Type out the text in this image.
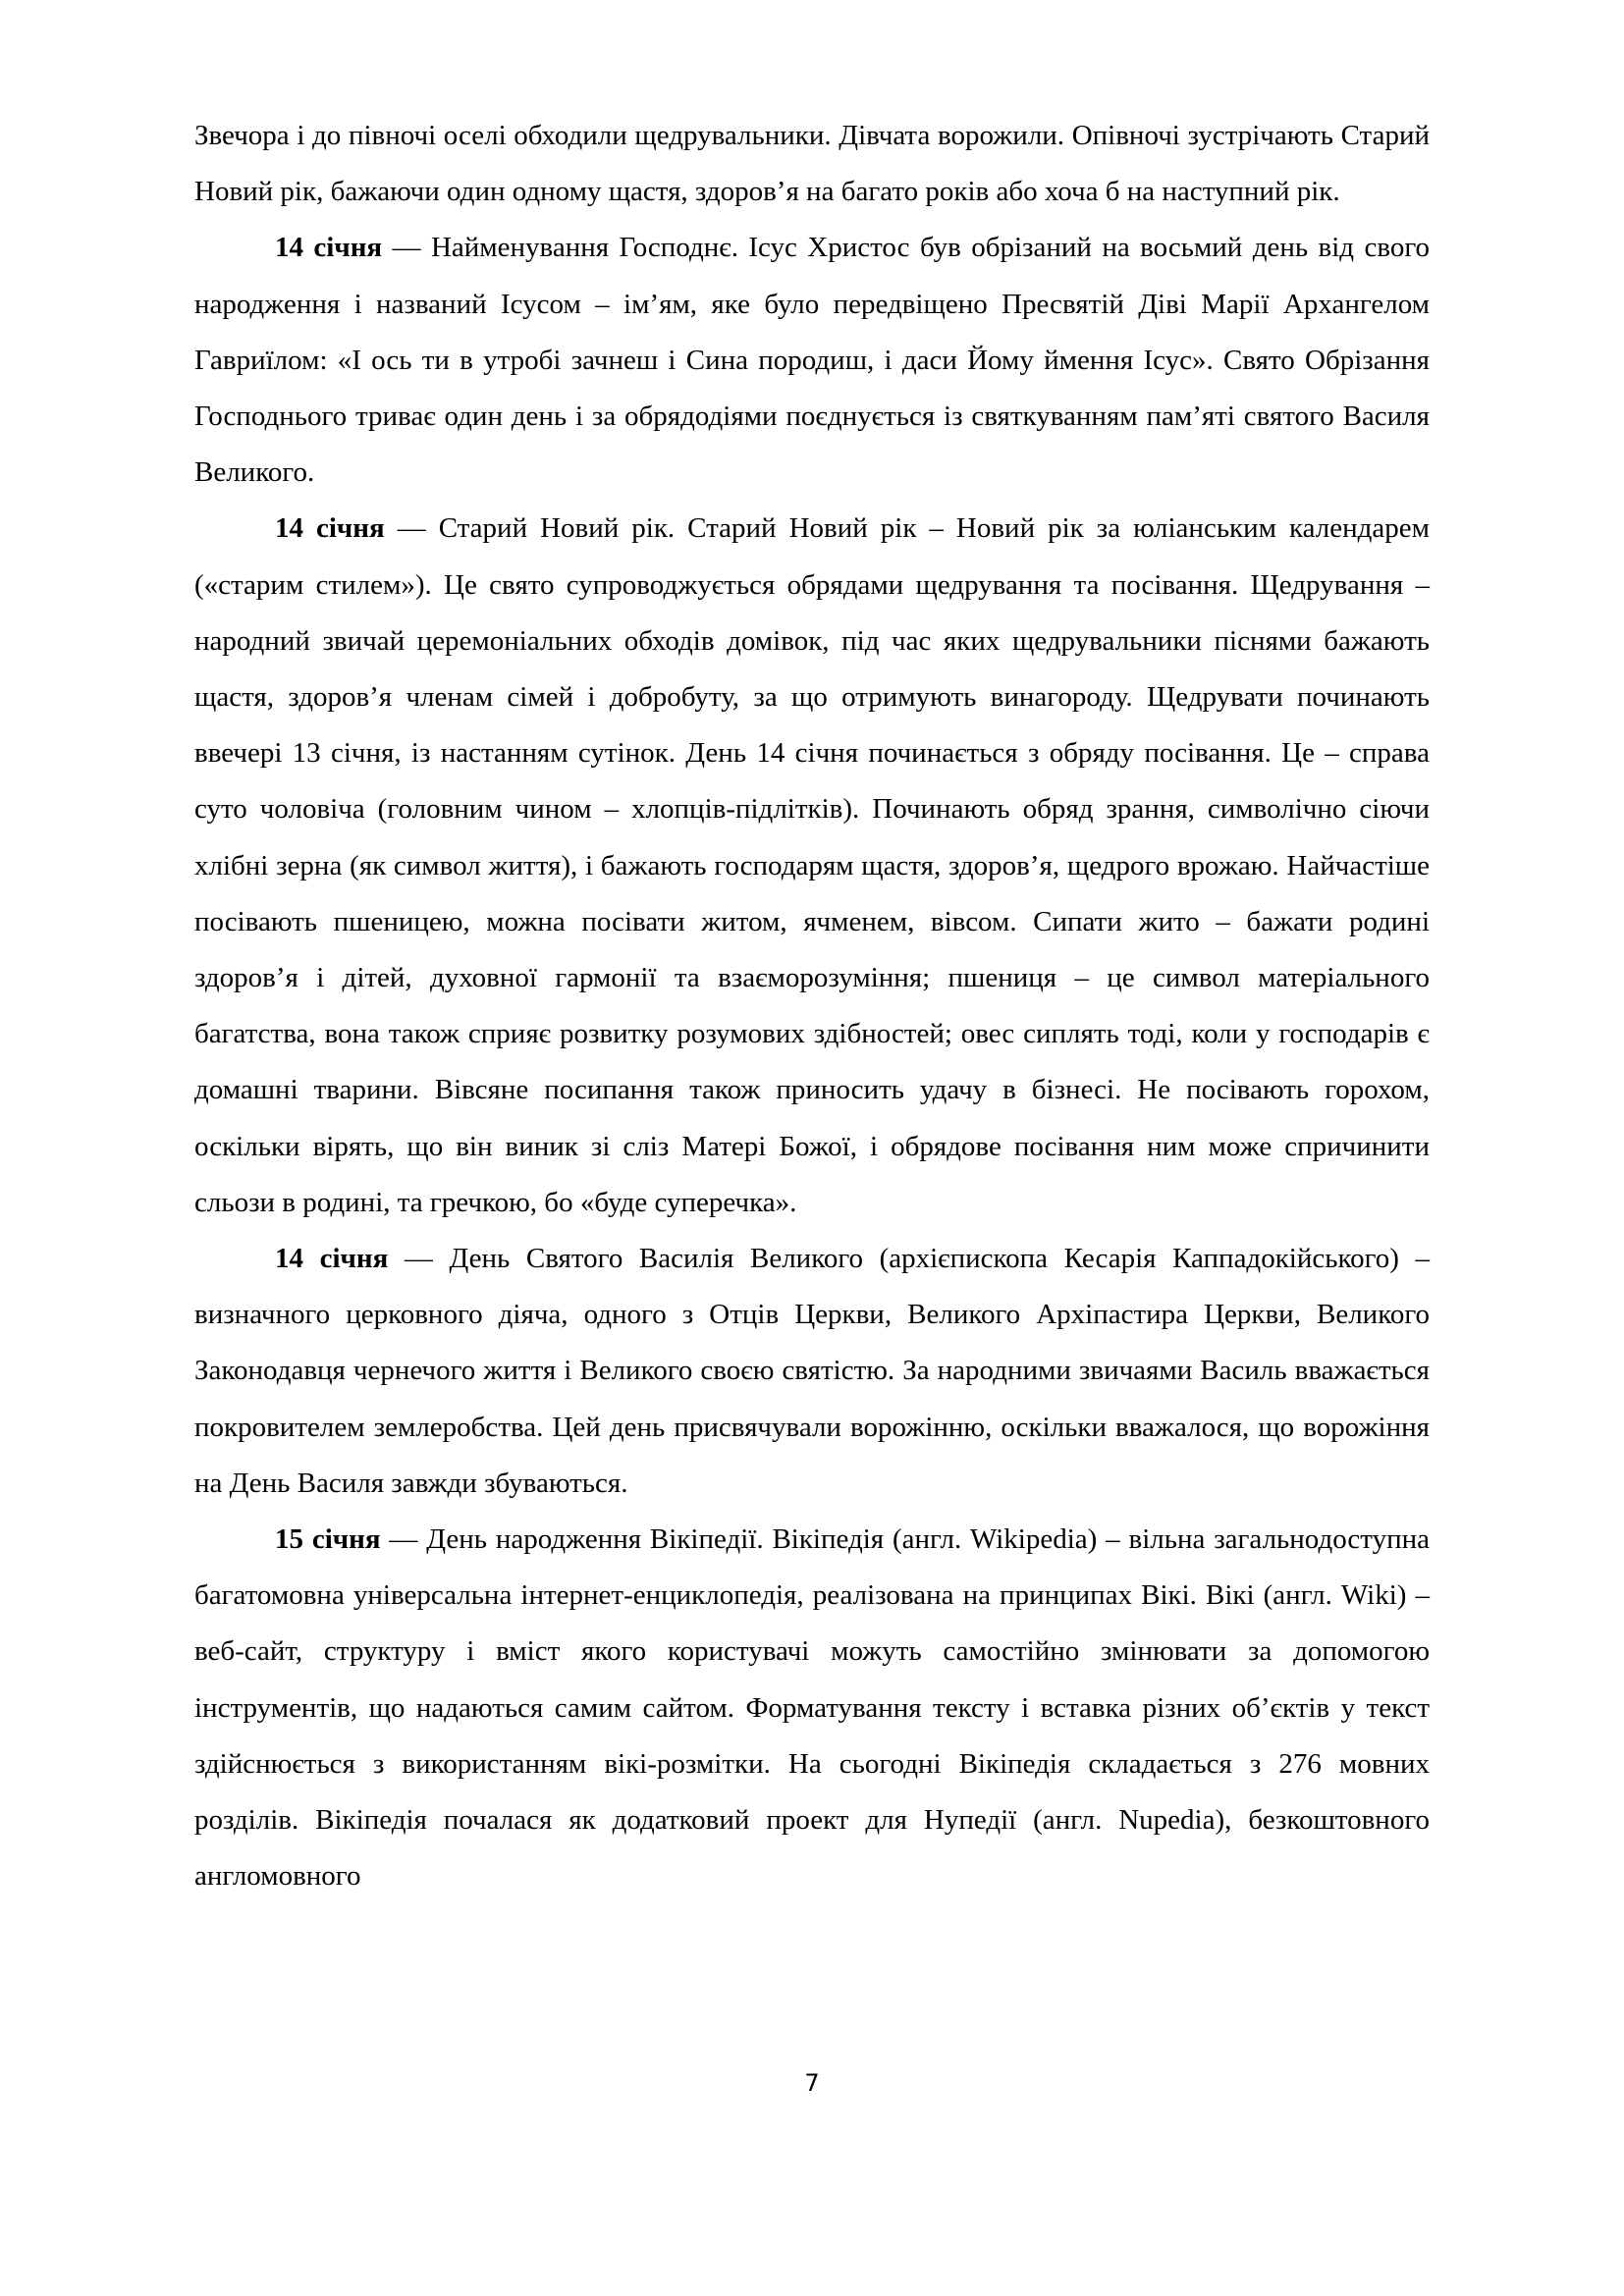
Звечора і до півночі оселі обходили щедрувальники. Дівчата ворожили. Опівночі зустрічають Старий Новий рік, бажаючи один одному щастя, здоров’я на багато років або хоча б на наступний рік.

14 січня — Найменування Господнє. Ісус Христос був обрізаний на восьмий день від свого народження і названий Ісусом – ім’ям, яке було передвіщено Пресвятій Діві Марії Архангелом Гавриїлом: «І ось ти в утробі зачнеш і Сина породиш, і даси Йому ймення Ісус». Свято Обрізання Господнього триває один день і за обрядодіями поєднується із святкуванням пам’яті святого Василя Великого.

14 січня — Старий Новий рік. Старий Новий рік – Новий рік за юліанським календарем («старим стилем»). Це свято супроводжується обрядами щедрування та посівання. Щедрування – народний звичай церемоніальних обходів домівок, під час яких щедрувальники піснями бажають щастя, здоров’я членам сімей і добробуту, за що отримують винагороду. Щедрувати починають ввечері 13 січня, із настанням сутінок. День 14 січня починається з обряду посівання. Це – справа суто чоловіча (головним чином – хлопців-підлітків). Починають обряд зрання, символічно сіючи хлібні зерна (як символ життя), і бажають господарям щастя, здоров’я, щедрого врожаю. Найчастіше посівають пшеницею, можна посівати житом, ячменем, вівсом. Сипати жито – бажати родині здоров’я і дітей, духовної гармонії та взаєморозуміння; пшениця – це символ матеріального багатства, вона також сприяє розвитку розумових здібностей; овес сиплять тоді, коли у господарів є домашні тварини. Вівсяне посипання також приносить удачу в бізнесі. Не посівають горохом, оскільки вірять, що він виник зі сліз Матері Божої, і обрядове посівання ним може спричинити сльози в родині, та гречкою, бо «буде суперечка».

14 січня — День Святого Василія Великого (архієпископа Кесарія Каппадокійського) – визначного церковного діяча, одного з Отців Церкви, Великого Архіпастира Церкви, Великого Законодавця чернечого життя і Великого своєю святістю. За народними звичаями Василь вважається покровителем землеробства. Цей день присвячували ворожінню, оскільки вважалося, що ворожіння на День Василя завжди збуваються.

15 січня — День народження Вікіпедії. Вікіпедія (англ. Wikipedia) – вільна загальнодоступна багатомовна універсальна інтернет-енциклопедія, реалізована на принципах Вікі. Вікі (англ. Wiki) – веб-сайт, структуру і вміст якого користувачі можуть самостійно змінювати за допомогою інструментів, що надаються самим сайтом. Форматування тексту і вставка різних об’єктів у текст здійснюється з використанням вікі-розмітки. На сьогодні Вікіпедія складається з 276 мовних розділів. Вікіпедія почалася як додатковий проект для Нупедії (англ. Nupedia), безкоштовного англомовного

7
